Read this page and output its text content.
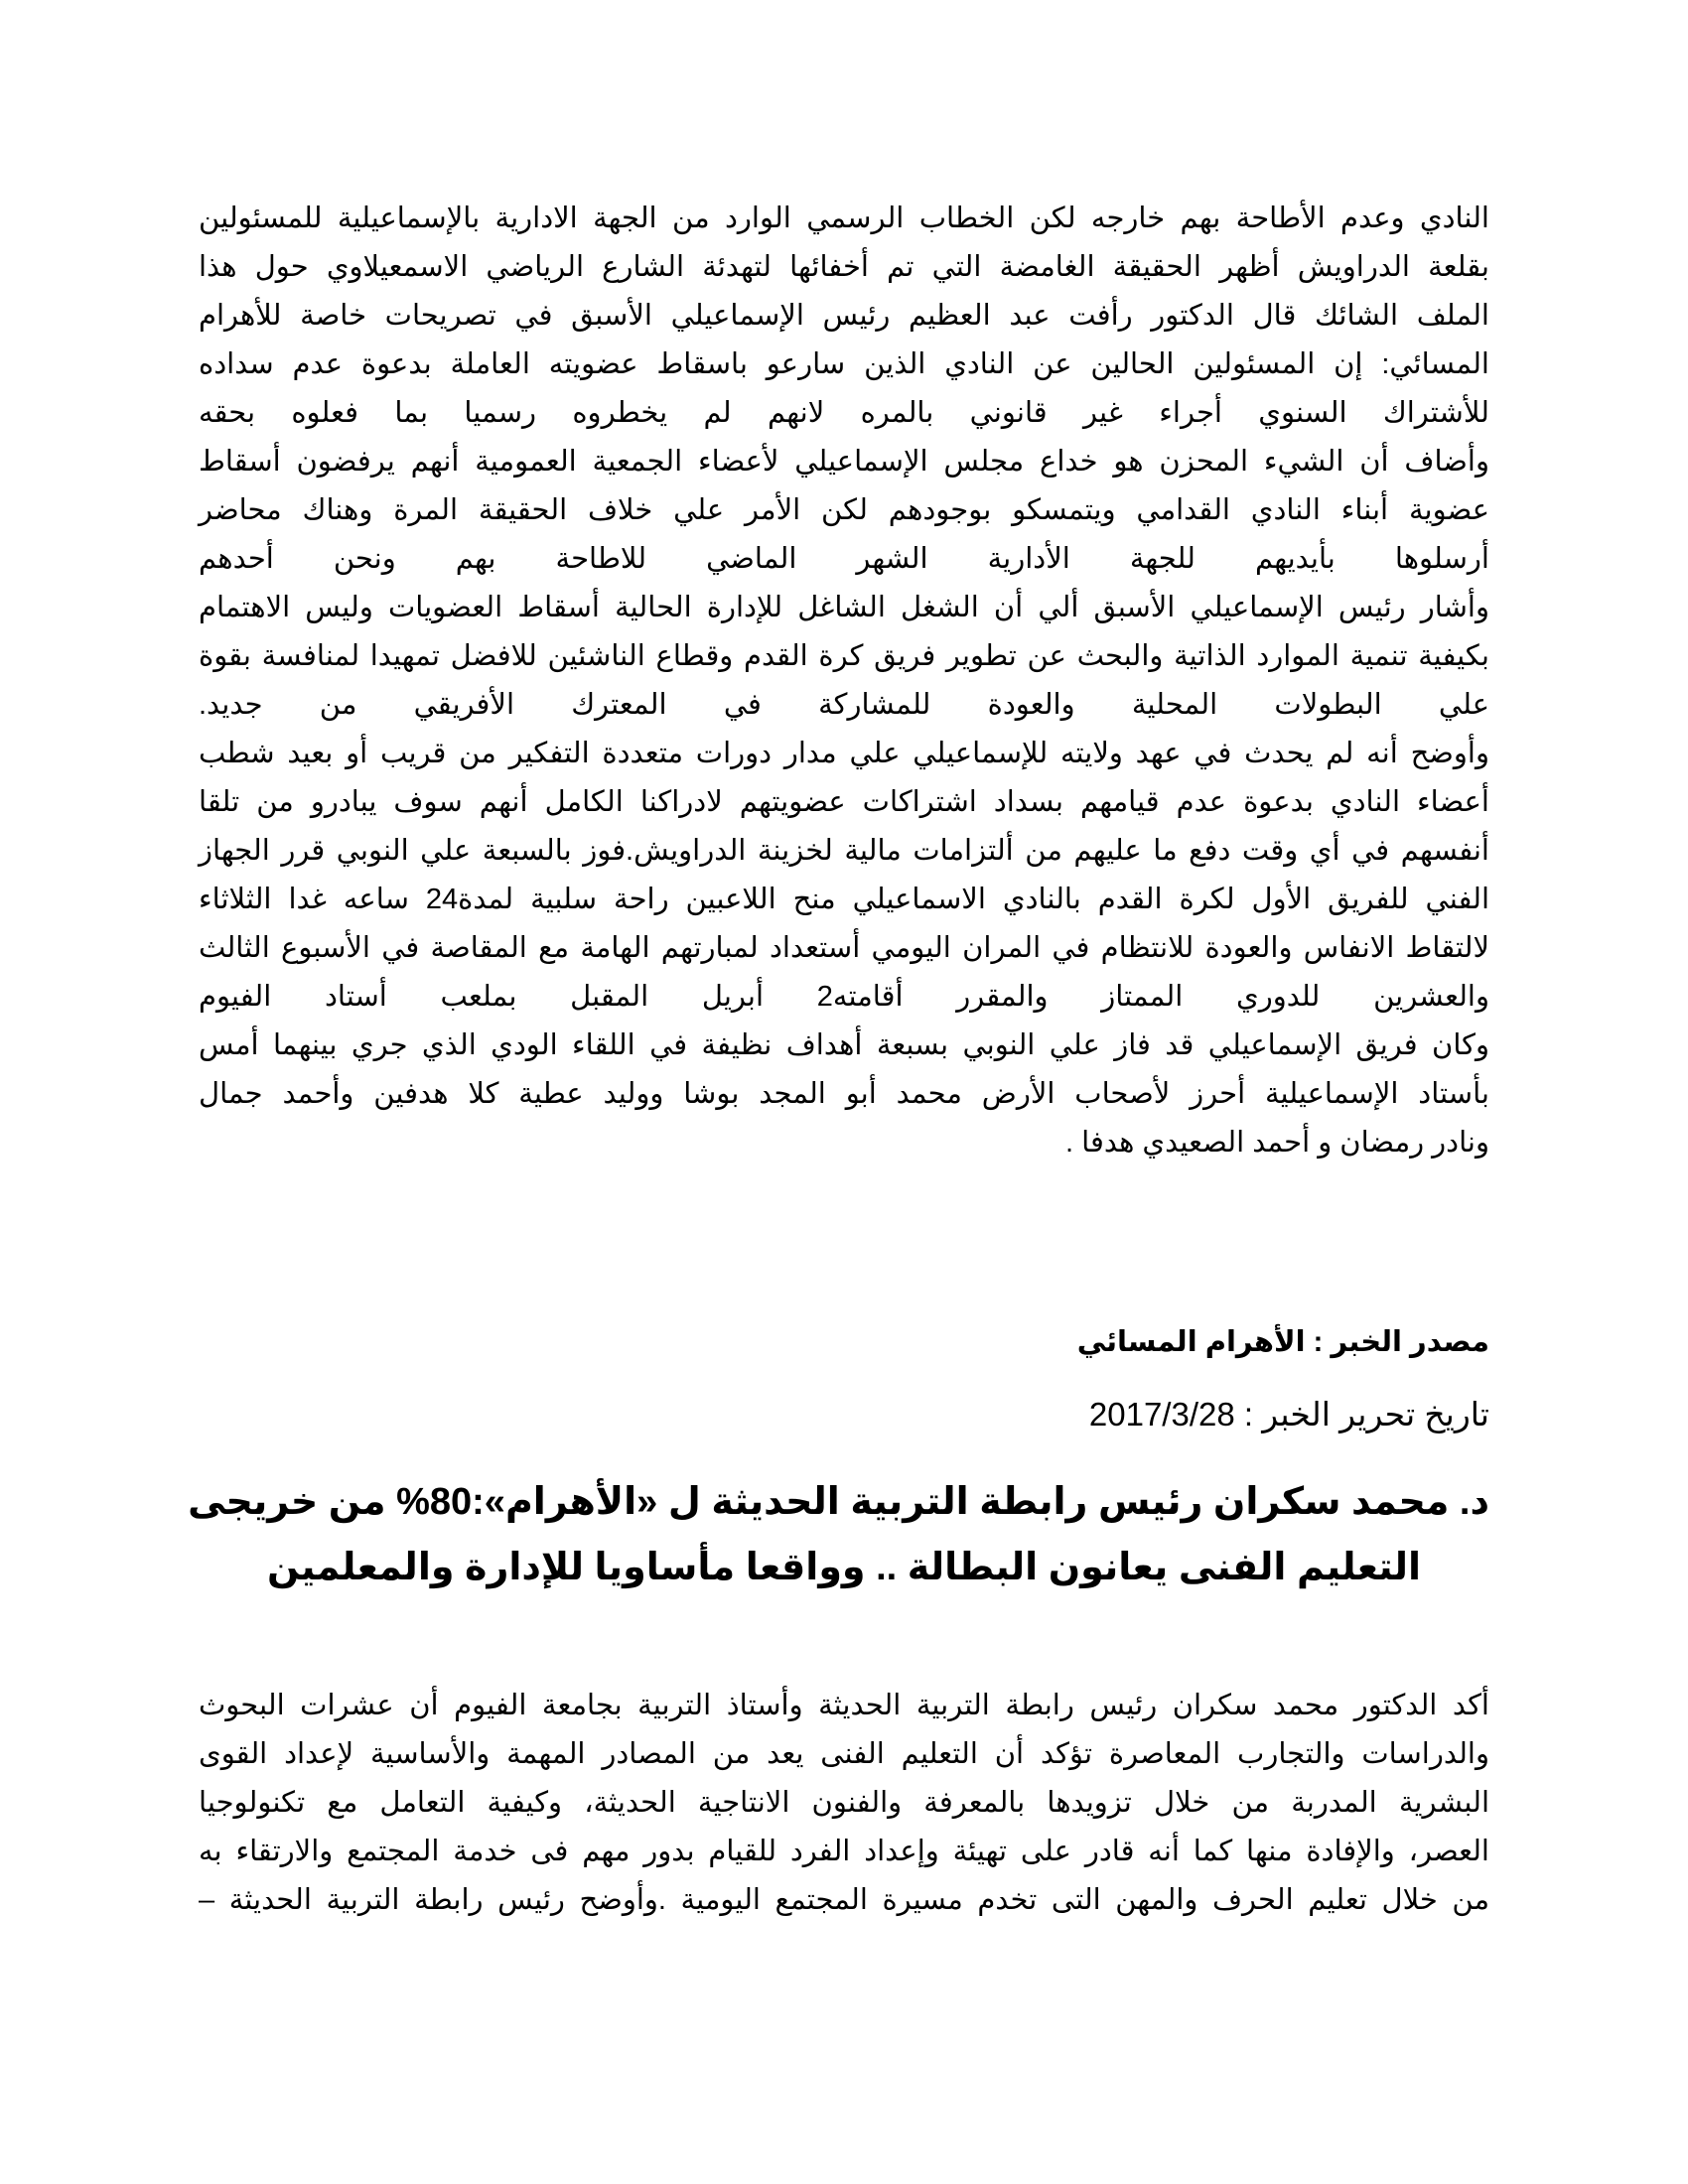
النادي وعدم الأطاحة بهم خارجه لكن الخطاب الرسمي الوارد من الجهة الادارية بالإسماعيلية للمسئولين
بقلعة الدراويش أظهر الحقيقة الغامضة التي تم أخفائها لتهدئة الشارع الرياضي الاسمعيلاوي حول هذا
الملف الشائك قال الدكتور رأفت عبد العظيم رئيس الإسماعيلي الأسبق في تصريحات خاصة للأهرام
المسائي: إن المسئولين الحالين عن النادي الذين سارعو باسقاط عضويته العاملة بدعوة عدم سداده
للأشتراك السنوي أجراء غير قانوني بالمره لانهم لم يخطروه رسميا بما فعلوه بحقه
وأضاف أن الشيء المحزن هو خداع مجلس الإسماعيلي لأعضاء الجمعية العمومية أنهم يرفضون أسقاط
عضوية أبناء النادي القدامي ويتمسكو بوجودهم لكن الأمر علي خلاف الحقيقة المرة وهناك محاضر
أرسلوها بأيديهم للجهة الأدارية الشهر الماضي للاطاحة بهم ونحن أحدهم
وأشار رئيس الإسماعيلي الأسبق ألي أن الشغل الشاغل للإدارة الحالية أسقاط العضويات وليس الاهتمام
بكيفية تنمية الموارد الذاتية والبحث عن تطوير فريق كرة القدم وقطاع الناشئين للافضل تمهيدا لمنافسة بقوة
علي البطولات المحلية والعودة للمشاركة في المعترك الأفريقي من جديد.
وأوضح أنه لم يحدث في عهد ولايته للإسماعيلي علي مدار دورات متعددة التفكير من قريب أو بعيد شطب
أعضاء النادي بدعوة عدم قيامهم بسداد اشتراكات عضويتهم لادراكنا الكامل أنهم سوف يبادرو من تلقا
أنفسهم في أي وقت دفع ما عليهم من ألتزامات مالية لخزينة الدراويش.فوز بالسبعة علي النوبي قرر الجهاز
الفني للفريق الأول لكرة القدم بالنادي الاسماعيلي منح اللاعبين راحة سلبية لمدة24 ساعه غدا الثلاثاء
لالتقاط الانفاس والعودة للانتظام في المران اليومي أستعداد لمبارتهم الهامة مع المقاصة في الأسبوع الثالث
والعشرين للدوري الممتاز والمقرر أقامته2 أبريل المقبل بملعب أستاد الفيوم
وكان فريق الإسماعيلي قد فاز علي النوبي بسبعة أهداف نظيفة في اللقاء الودي الذي جري بينهما أمس
بأستاد الإسماعيلية أحرز لأصحاب الأرض محمد أبو المجد بوشا ووليد عطية كلا هدفين وأحمد جمال
ونادر رمضان و أحمد الصعيدي هدفا .
مصدر الخبر : الأهرام المسائي
تاريخ تحرير الخبر : 2017/3/28
د. محمد سكران رئيس رابطة التربية الحديثة ل «الأهرام»:80% من خريجى
التعليم الفنى يعانون البطالة .. وواقعا مأساويا للإدارة والمعلمين
أكد الدكتور محمد سكران رئيس رابطة التربية الحديثة وأستاذ التربية بجامعة الفيوم أن عشرات البحوث
والدراسات والتجارب المعاصرة تؤكد أن التعليم الفنى يعد من المصادر المهمة والأساسية لإعداد القوى
البشرية المدربة من خلال تزويدها بالمعرفة والفنون الانتاجية الحديثة، وكيفية التعامل مع تكنولوجيا
العصر، والإفادة منها كما أنه قادر على تهيئة وإعداد الفرد للقيام بدور مهم فى خدمة المجتمع والارتقاء به
من خلال تعليم الحرف والمهن التى تخدم مسيرة المجتمع اليومية .وأوضح رئيس رابطة التربية الحديثة –
